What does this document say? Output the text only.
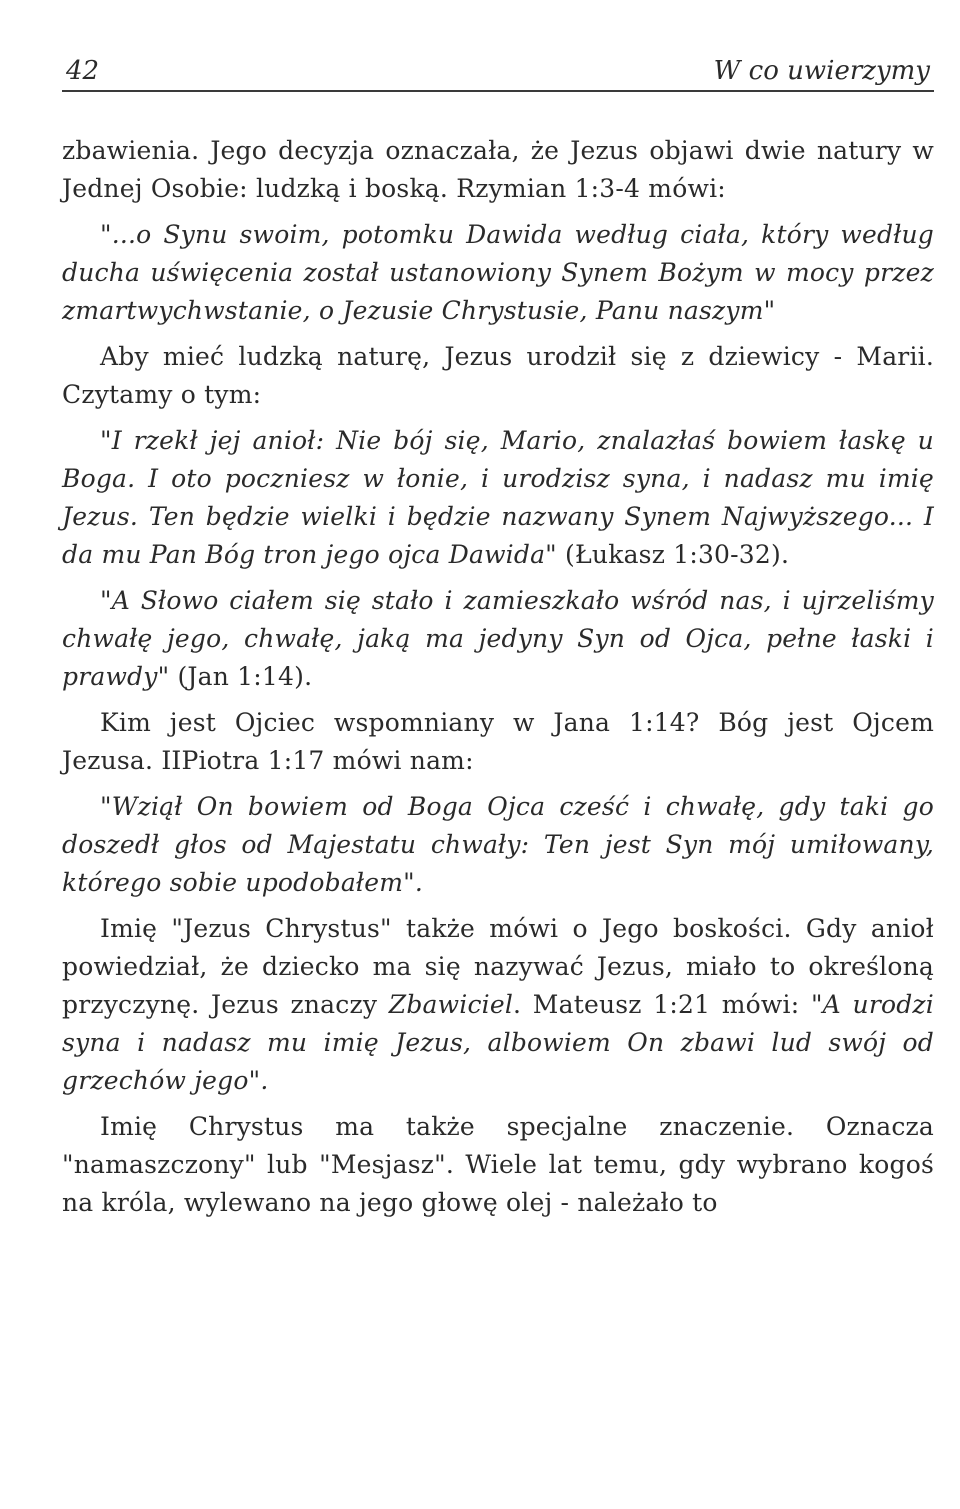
42	W co uwierzymy

zbawienia. Jego decyzja oznaczała, że Jezus objawi dwie natury w Jednej Osobie: ludzką i boską. Rzymian 1:3-4 mówi:

"...o Synu swoim, potomku Dawida według ciała, który według ducha uświęcenia został ustanowiony Synem Bożym w mocy przez zmartwychwstanie, o Jezusie Chrystusie, Panu naszym"

Aby mieć ludzką naturę, Jezus urodził się z dziewicy - Marii. Czytamy o tym:

"I rzekł jej anioł: Nie bój się, Mario, znalazłaś bowiem łaskę u Boga. I oto poczniesz w łonie, i urodzisz syna, i nadasz mu imię Jezus. Ten będzie wielki i będzie nazwany Synem Najwyższego... I da mu Pan Bóg tron jego ojca Dawida" (Łukasz 1:30-32).

"A Słowo ciałem się stało i zamieszkało wśród nas, i ujrzeliśmy chwałę jego, chwałę, jaką ma jedyny Syn od Ojca, pełne łaski i prawdy" (Jan 1:14).

Kim jest Ojciec wspomniany w Jana 1:14? Bóg jest Ojcem Jezusa. IIPiotra 1:17 mówi nam:

"Wziął On bowiem od Boga Ojca cześć i chwałę, gdy taki go doszedł głos od Majestatu chwały: Ten jest Syn mój umiłowany, którego sobie upodobałem".

Imię "Jezus Chrystus" także mówi o Jego boskości. Gdy anioł powiedział, że dziecko ma się nazywać Jezus, miało to określoną przyczynę. Jezus znaczy Zbawiciel. Mateusz 1:21 mówi: "A urodzi syna i nadasz mu imię Jezus, albowiem On zbawi lud swój od grzechów jego".

Imię Chrystus ma także specjalne znaczenie. Oznacza "namaszczony" lub "Mesjasz". Wiele lat temu, gdy wybrano kogoś na króla, wylewano na jego głowę olej - należało to
